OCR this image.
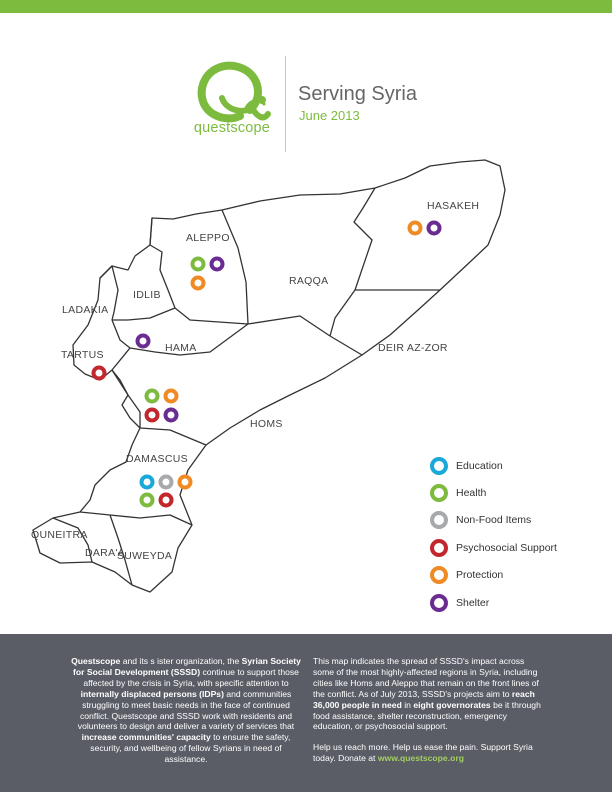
questscope
Serving Syria
June 2013
ALEPPO
IDLIB
LADAKIA
TARTUS
HAMA
HOMS
RAQQA
HASAKEH
DEIR AZ-ZOR
DAMASCUS
QUNEITRA
DARA'A
SUWEYDA
Education
Health
Non-Food Items
Psychosocial Support
Protection
Shelter

Questscope and its s ister organization, the Syrian Society for Social Development (SSSD) continue to support those affected by the crisis in Syria, with specific attention to internally displaced persons (IDPs) and communities struggling to meet basic needs in the face of continued conflict. Questscope and SSSD work with residents and volunteers to design and deliver a variety of services that increase communities' capacity to ensure the safety, security, and wellbeing of fellow Syrians in need of assistance.

This map indicates the spread of SSSD's impact across some of the most highly-affected regions in Syria, including cities like Homs and Aleppo that remain on the front lines of the conflict. As of July 2013, SSSD's projects aim to reach 36,000 people in need in eight governorates be it through food assistance, shelter reconstruction, emergency education, or psychosocial support.

Help us reach more. Help us ease the pain. Support Syria today. Donate at www.questscope.org
